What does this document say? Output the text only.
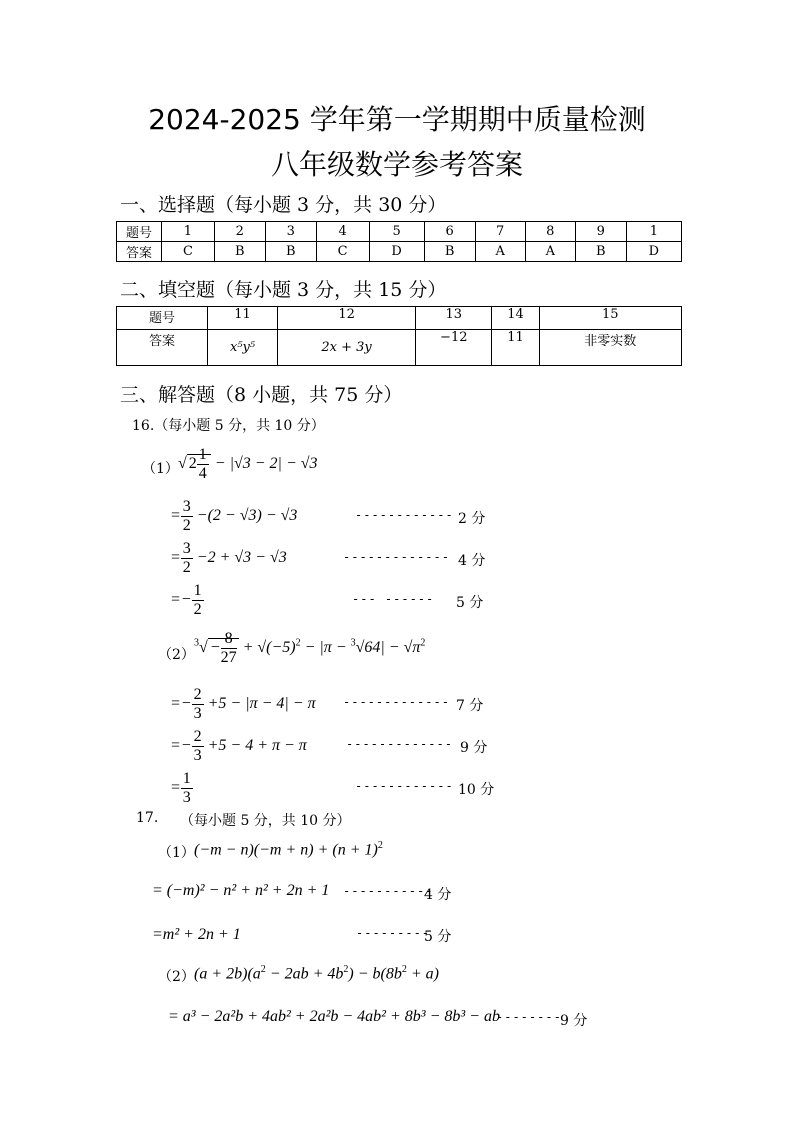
2024-2025 学年第一学期期中质量检测
八年级数学参考答案
一、选择题（每小题 3 分，共 30 分）
题号	1	2	3	4	5	6	7	8	9	1
答案	C	B	B	C	D	B	A	A	B	D
二、填空题（每小题 3 分，共 15 分）
题号	11	12	13	14	15
答案	x⁵y⁵	2x + 3y	−12	11	非零实数
三、解答题（8 小题，共 75 分）
16.（每小题 5 分，共 10 分）
（1） √ $2 \frac{1}{4} - |√3 - 2| - √3$
= $\frac{3}{2} -(2 - √3) - √3$
= $\frac{3}{2} -2 + √3 - √3$
=− $\frac{1}{2}$
------------ 2 分
------------- 4 分
--- ------ 5 分
（2）
$^3√ - \frac{8}{27} + √(-5)^2 - |\pi - ^3√64| - √\pi^2$
=− $\frac{2}{3} +5 - |\pi - 4| - \pi$
=− $\frac{2}{3} +5 - 4 + \pi - \pi$
= $\frac{1}{3}$
------------- 7 分
------------- 9 分
------------ 10 分
17. （每小题 5 分，共 10 分）
（1） $(-m - n)(-m + n) + (n + 1)^2$
= (−m)² − n² + n² + 2n + 1 -----------
4 分
=m² + 2n + 1	---------
5 分
（2） $(a + 2b)(a^2 - 2ab + 4b^2) - b(8b^2 + a)$
= a³ − 2a²b + 4ab² + 2a²b − 4ab² + 8b³ − 8b³ − ab
--------
9 分
